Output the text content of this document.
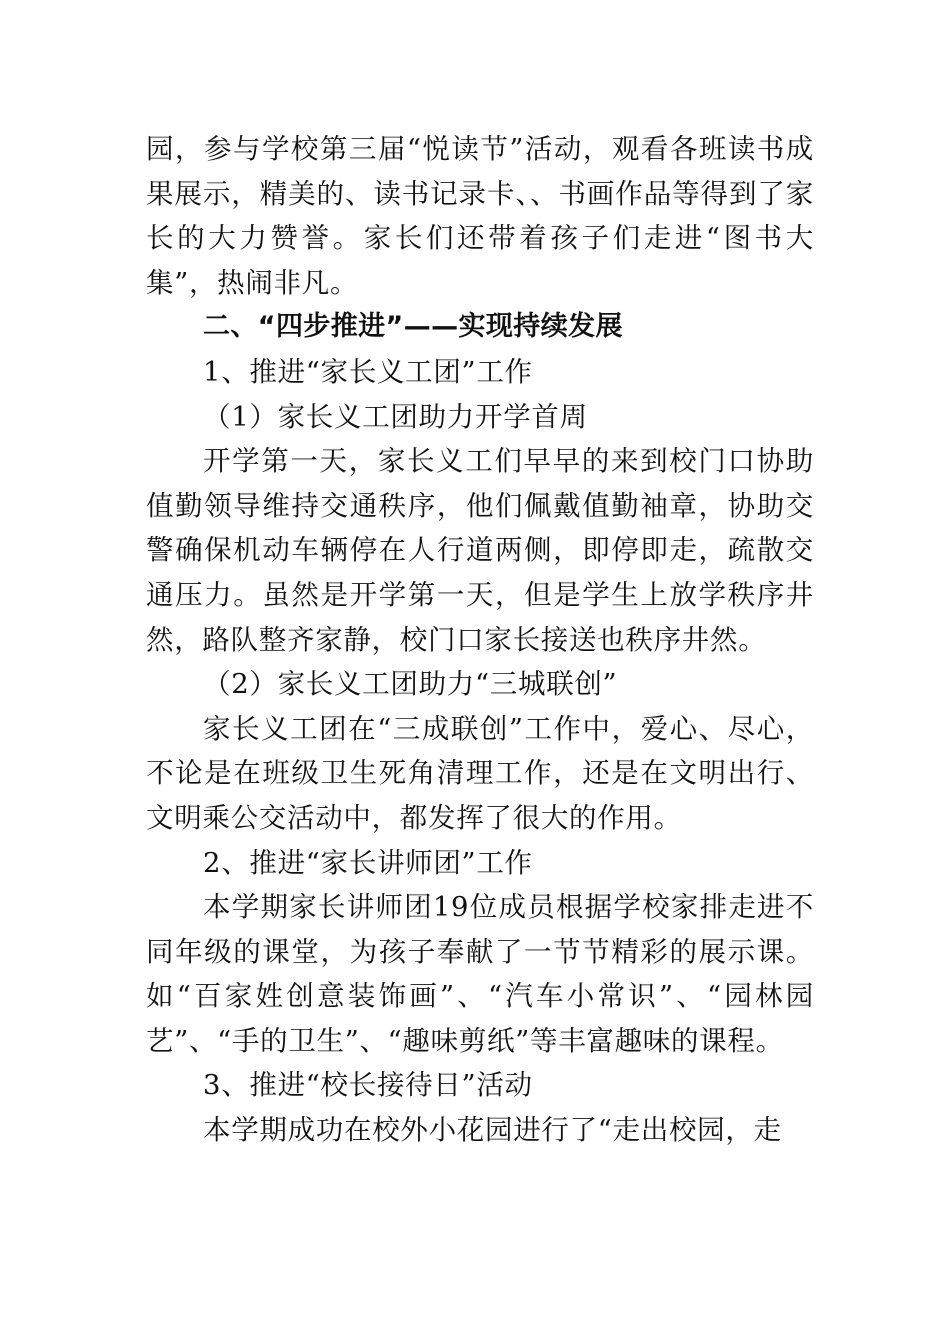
园，参与学校第三届“悦读节”活动，观看各班读书成果展示，精美的、读书记录卡、、书画作品等得到了家长的大力赞誉。家长们还带着孩子们走进“图书大集”，热闹非凡。

二、“四步推进”——实现持续发展

1、推进“家长义工团”工作

（1）家长义工团助力开学首周

开学第一天，家长义工们早早的来到校门口协助值勤领导维持交通秩序，他们佩戴值勤袖章，协助交警确保机动车辆停在人行道两侧，即停即走，疏散交通压力。虽然是开学第一天，但是学生上放学秩序井然，路队整齐家静，校门口家长接送也秩序井然。

（2）家长义工团助力“三城联创”

家长义工团在“三成联创”工作中，爱心、尽心，不论是在班级卫生死角清理工作，还是在文明出行、文明乘公交活动中，都发挥了很大的作用。

2、推进“家长讲师团”工作

本学期家长讲师团19位成员根据学校家排走进不同年级的课堂，为孩子奉献了一节节精彩的展示课。如“百家姓创意装饰画”、“汽车小常识”、“园林园艺”、“手的卫生”、“趣味剪纸”等丰富趣味的课程。

3、推进“校长接待日”活动

本学期成功在校外小花园进行了“走出校园，走
